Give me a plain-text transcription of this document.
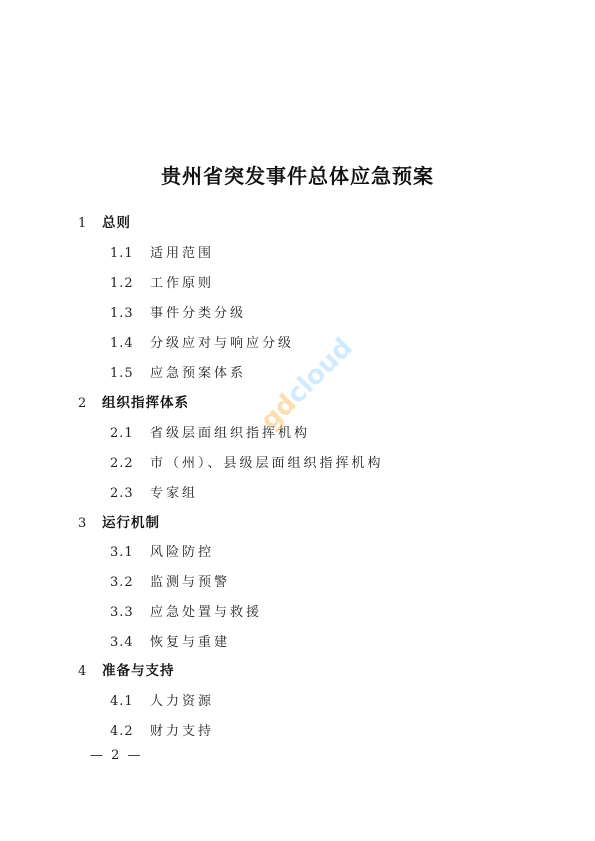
贵州省突发事件总体应急预案
1 总则
1.1 适用范围
1.2 工作原则
1.3 事件分类分级
1.4 分级应对与响应分级
1.5 应急预案体系
2 组织指挥体系
2.1 省级层面组织指挥机构
2.2 市（州）、县级层面组织指挥机构
2.3 专家组
3 运行机制
3.1 风险防控
3.2 监测与预警
3.3 应急处置与救援
3.4 恢复与重建
4 准备与支持
4.1 人力资源
4.2 财力支持
— 2 —
gdcloud
